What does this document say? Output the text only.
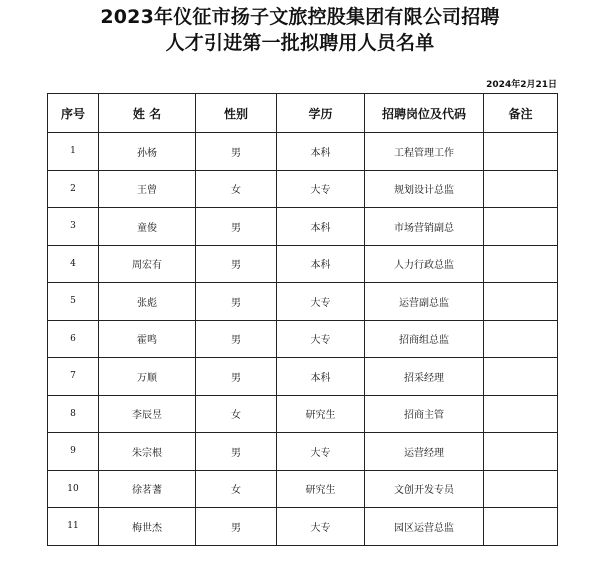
2023年仪征市扬子文旅控股集团有限公司招聘
人才引进第一批拟聘用人员名单
2024年2月21日
序号	姓 名	性别	学历	招聘岗位及代码	备注
1	孙杨	男	本科	工程管理工作	
2	王曾	女	大专	规划设计总监	
3	童俊	男	本科	市场营销副总	
4	周宏有	男	本科	人力行政总监	
5	张彪	男	大专	运营副总监	
6	霍鸣	男	大专	招商组总监	
7	万顺	男	本科	招采经理	
8	李辰昱	女	研究生	招商主管	
9	朱宗根	男	大专	运营经理	
10	徐茗蓍	女	研究生	文创开发专员	
11	梅世杰	男	大专	园区运营总监	
